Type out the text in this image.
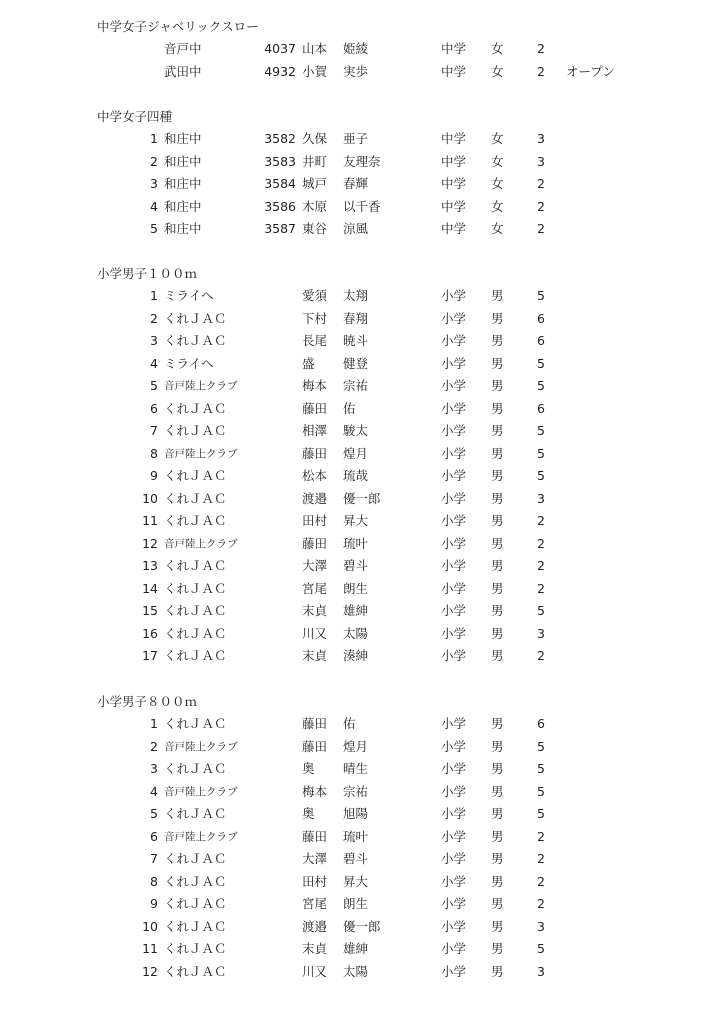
中学女子ジャベリックスロー
音戸中	4037 山本 姫綾	中学 女	2
武田中	4932 小賀 実歩	中学 女	2 オープン
中学女子四種
1 和庄中	3582 久保 亜子	中学 女	3
2 和庄中	3583 井町 友理奈	中学 女	3
3 和庄中	3584 城戸 春輝	中学 女	2
4 和庄中	3586 木原 以千香	中学 女	2
5 和庄中	3587 東谷 涼風	中学 女	2
小学男子１００ｍ
1 ミライへ	愛須 太翔	小学 男	5
2 くれＪＡＣ	下村 春翔	小学 男	6
3 くれＪＡＣ	長尾 暁斗	小学 男	6
4 ミライへ	盛 健登	小学 男	5
5 音戸陸上クラブ	梅本 宗祐	小学 男	5
6 くれＪＡＣ	藤田 佑	小学 男	6
7 くれＪＡＣ	相澤 駿太	小学 男	5
8 音戸陸上クラブ	藤田 煌月	小学 男	5
9 くれＪＡＣ	松本 琉哉	小学 男	5
10 くれＪＡＣ	渡邉 優一郎	小学 男	3
11 くれＪＡＣ	田村 昇大	小学 男	2
12 音戸陸上クラブ	藤田 琉叶	小学 男	2
13 くれＪＡＣ	大澤 碧斗	小学 男	2
14 くれＪＡＣ	宮尾 朗生	小学 男	2
15 くれＪＡＣ	末貞 雄紳	小学 男	5
16 くれＪＡＣ	川又 太陽	小学 男	3
17 くれＪＡＣ	末貞 湊紳	小学 男	2
小学男子８００ｍ
1 くれＪＡＣ	藤田 佑	小学 男	6
2 音戸陸上クラブ	藤田 煌月	小学 男	5
3 くれＪＡＣ	奥 晴生	小学 男	5
4 音戸陸上クラブ	梅本 宗祐	小学 男	5
5 くれＪＡＣ	奥 旭陽	小学 男	5
6 音戸陸上クラブ	藤田 琉叶	小学 男	2
7 くれＪＡＣ	大澤 碧斗	小学 男	2
8 くれＪＡＣ	田村 昇大	小学 男	2
9 くれＪＡＣ	宮尾 朗生	小学 男	2
10 くれＪＡＣ	渡邉 優一郎	小学 男	3
11 くれＪＡＣ	末貞 雄紳	小学 男	5
12 くれＪＡＣ	川又 太陽	小学 男	3
